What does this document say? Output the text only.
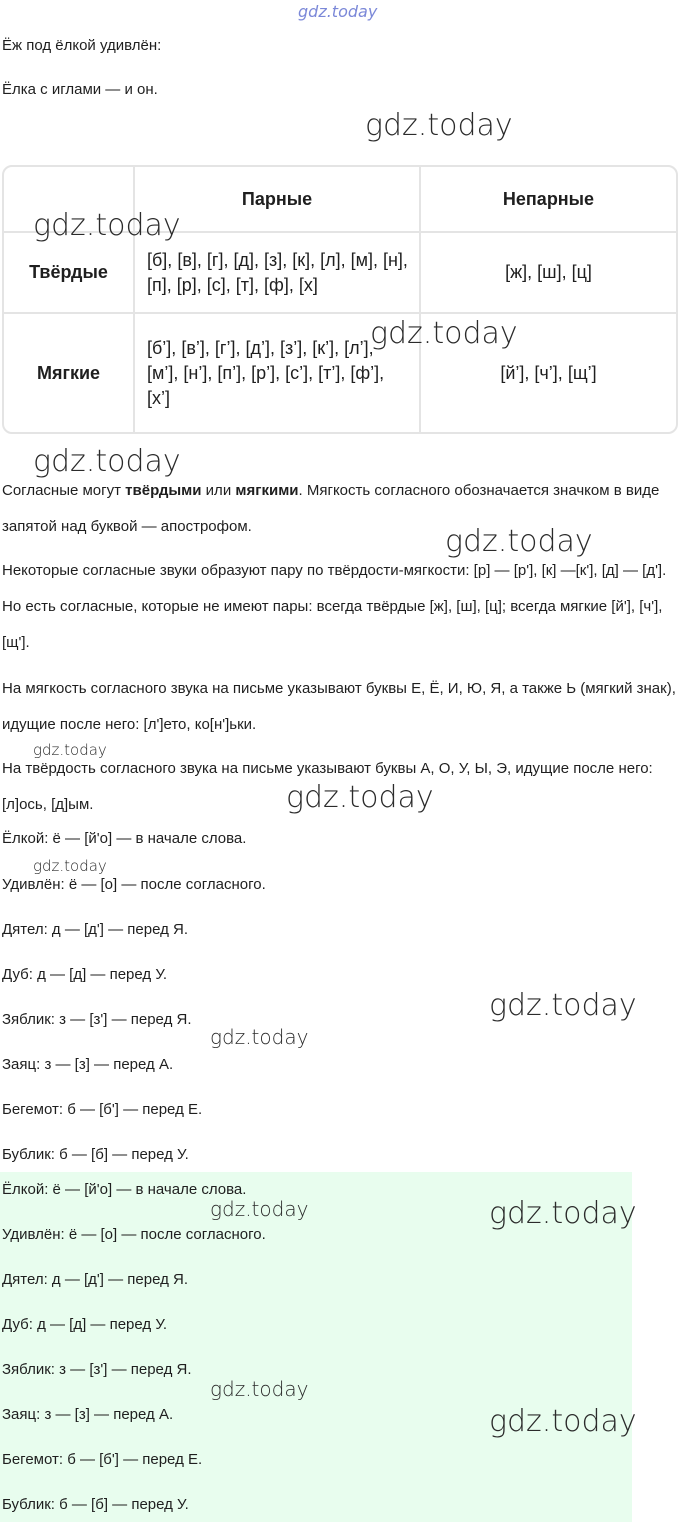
gdz.today
Ёж под ёлкой удивлён:
Ёлка с иглами — и он.
	Парные	Непарные
Твёрдые	[б], [в], [г], [д], [з], [к], [л], [м], [н], [п], [р], [с], [т], [ф], [х]	[ж], [ш], [ц]
Мягкие	[б’], [в’], [г’], [д’], [з’], [к’], [л’], [м’], [н’], [п’], [р’], [с’], [т’], [ф’], [х’]	[й’], [ч’], [щ’]
Согласные могут твёрдыми или мягкими. Мягкость согласного обозначается значком в виде запятой над буквой — апострофом.
Некоторые согласные звуки образуют пару по твёрдости-мягкости: [р] — [р'], [к] —[к'], [д] — [д']. Но есть согласные, которые не имеют пары: всегда твёрдые [ж], [ш], [ц]; всегда мягкие [й'], [ч'], [щ'].
На мягкость согласного звука на письме указывают буквы Е, Ё, И, Ю, Я, а также Ь (мягкий знак), идущие после него: [л']ето, ко[н']ьки.
На твёрдость согласного звука на письме указывают буквы А, О, У, Ы, Э, идущие после него: [л]ось, [д]ым.
Ёлкой: ё — [й'о] — в начале слова.
Удивлён: ё — [о] — после согласного.
Дятел: д — [д'] — перед Я.
Дуб: д — [д] — перед У.
Зяблик: з — [з'] — перед Я.
Заяц: з — [з] — перед А.
Бегемот: б — [б'] — перед Е.
Бублик: б — [б] — перед У.
Ёлкой: ё — [й'о] — в начале слова.
Удивлён: ё — [о] — после согласного.
Дятел: д — [д'] — перед Я.
Дуб: д — [д] — перед У.
Зяблик: з — [з'] — перед Я.
Заяц: з — [з] — перед А.
Бегемот: б — [б'] — перед Е.
Бублик: б — [б] — перед У.
gdz.today
gdz.today
gdz.today
gdz.today
gdz.today
gdz.today
gdz.today
gdz.today
gdz.today
gdz.today
gdz.today	gdz.today
gdz.today
gdz.today
